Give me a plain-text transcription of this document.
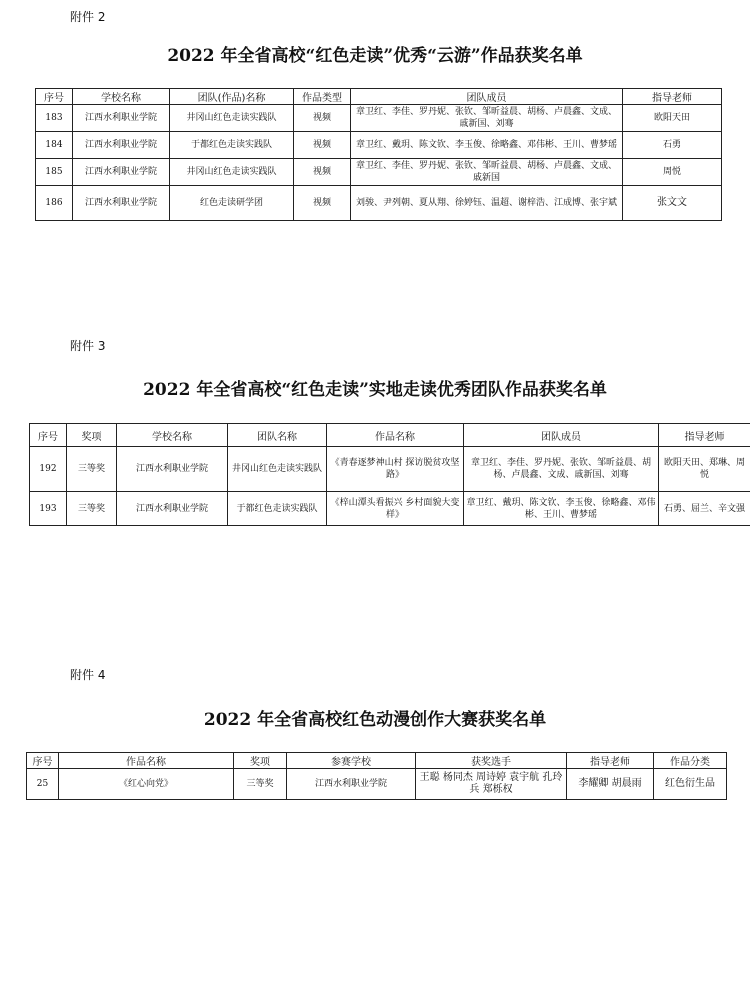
附件 2
2022 年全省高校“红色走读”优秀“云游”作品获奖名单
序号	学校名称	团队(作品)名称	作品类型	团队成员	指导老师
183	江西水利职业学院	井冈山红色走读实践队	视频	章卫红、李佳、罗丹妮、张钦、邹昕益晨、胡杨、卢晨鑫、文成、戚新国、刘骞	欧阳天田
184	江西水利职业学院	于都红色走读实践队	视频	章卫红、戴玥、陈文钦、李玉俊、徐略鑫、邓伟彬、王川、曹梦瑶	石勇
185	江西水利职业学院	井冈山红色走读实践队	视频	章卫红、李佳、罗丹妮、张钦、邹昕益晨、胡杨、卢晨鑫、文成、戚新国	周悦
186	江西水利职业学院	红色走读研学团	视频	刘骏、尹列朝、夏从翔、徐婷钰、温超、谢梓浩、江成博、张宇斌	张文文
附件 3
2022 年全省高校“红色走读”实地走读优秀团队作品获奖名单
序号	奖项	学校名称	团队名称	作品名称	团队成员	指导老师
192	三等奖	江西水利职业学院	井冈山红色走读实践队	《青春逐梦神山村 探访脱贫攻坚路》	章卫红、李佳、罗丹妮、张钦、邹昕益晨、胡杨、卢晨鑫、文成、戚新国、刘骞	欧阳天田、郑琳、周悦
193	三等奖	江西水利职业学院	于都红色走读实践队	《梓山潭头看振兴 乡村面貌大变样》	章卫红、戴玥、陈文钦、李玉俊、徐略鑫、邓伟彬、王川、曹梦瑶	石勇、屈兰、辛文强
附件 4
2022 年全省高校红色动漫创作大赛获奖名单
序号	作品名称	奖项	参赛学校	获奖选手	指导老师	作品分类
25	《红心向党》	三等奖	江西水利职业学院	王聪 杨同杰 周诗婷 袁宇航 孔玲兵 郑栎权	李耀卿 胡晨雨	红色衍生品
